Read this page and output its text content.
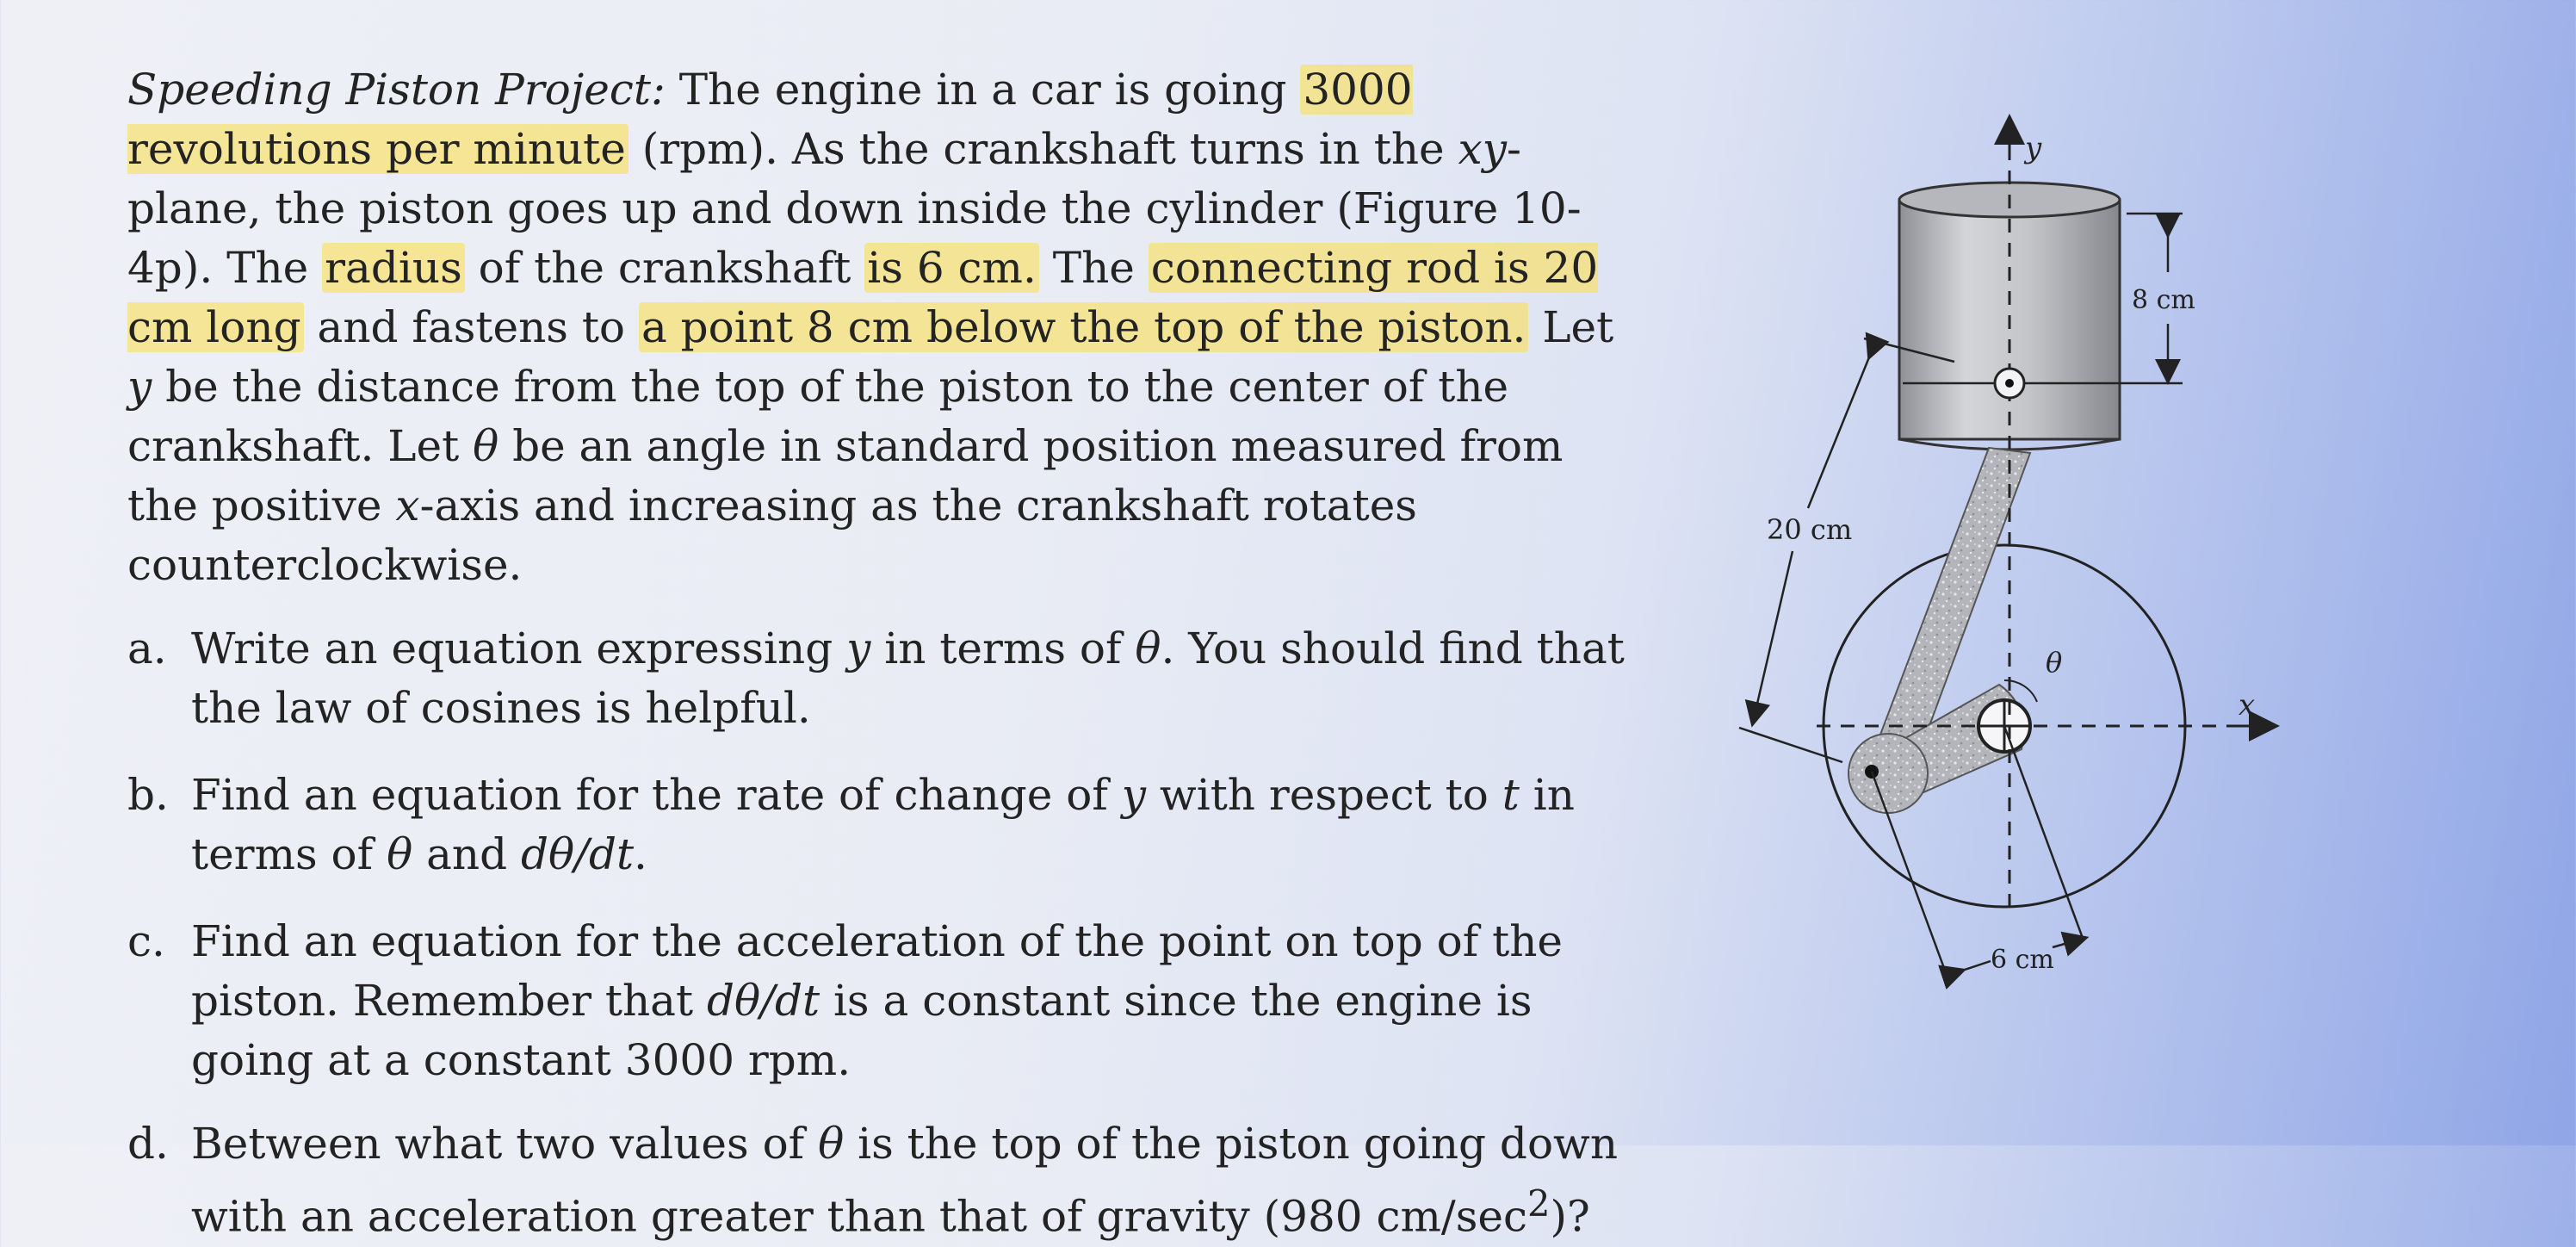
Speeding Piston Project: The engine in a car is going 3000 revolutions per minute (rpm). As the crankshaft turns in the xy-plane, the piston goes up and down inside the cylinder (Figure 10-4p). The radius of the crankshaft is 6 cm. The connecting rod is 20 cm long and fastens to a point 8 cm below the top of the piston. Let y be the distance from the top of the piston to the center of the crankshaft. Let θ be an angle in standard position measured from the positive x-axis and increasing as the crankshaft rotates counterclockwise.

a. Write an equation expressing y in terms of θ. You should find that the law of cosines is helpful.

b. Find an equation for the rate of change of y with respect to t in terms of θ and dθ/dt.

c. Find an equation for the acceleration of the point on top of the piston. Remember that dθ/dt is a constant since the engine is going at a constant 3000 rpm.

d. Between what two values of θ is the top of the piston going down with an acceleration greater than that of gravity (980 $cm/\sec^2$)?

y
x
8 cm
20 cm
6 cm
θ
